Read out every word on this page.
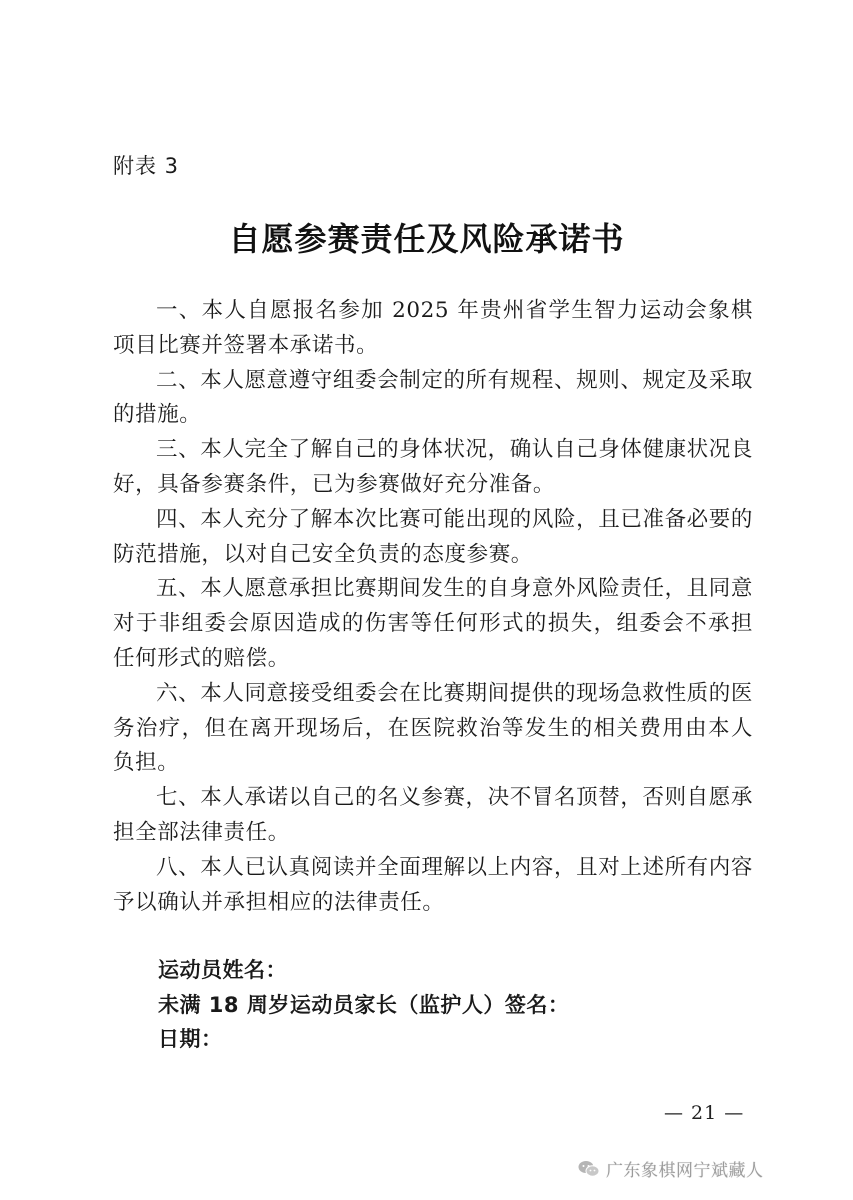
附表 3
自愿参赛责任及风险承诺书

一、本人自愿报名参加 2025 年贵州省学生智力运动会象棋项目比赛并签署本承诺书。

二、本人愿意遵守组委会制定的所有规程、规则、规定及采取的措施。

三、本人完全了解自己的身体状况，确认自己身体健康状况良好，具备参赛条件，已为参赛做好充分准备。

四、本人充分了解本次比赛可能出现的风险，且已准备必要的防范措施，以对自己安全负责的态度参赛。

五、本人愿意承担比赛期间发生的自身意外风险责任，且同意对于非组委会原因造成的伤害等任何形式的损失，组委会不承担任何形式的赔偿。

六、本人同意接受组委会在比赛期间提供的现场急救性质的医务治疗，但在离开现场后，在医院救治等发生的相关费用由本人负担。

七、本人承诺以自己的名义参赛，决不冒名顶替，否则自愿承担全部法律责任。

八、本人已认真阅读并全面理解以上内容，且对上述所有内容予以确认并承担相应的法律责任。

运动员姓名：
未满 18 周岁运动员家长（监护人）签名：
日期：
— 21 —
广东象棋网宁斌藏人
